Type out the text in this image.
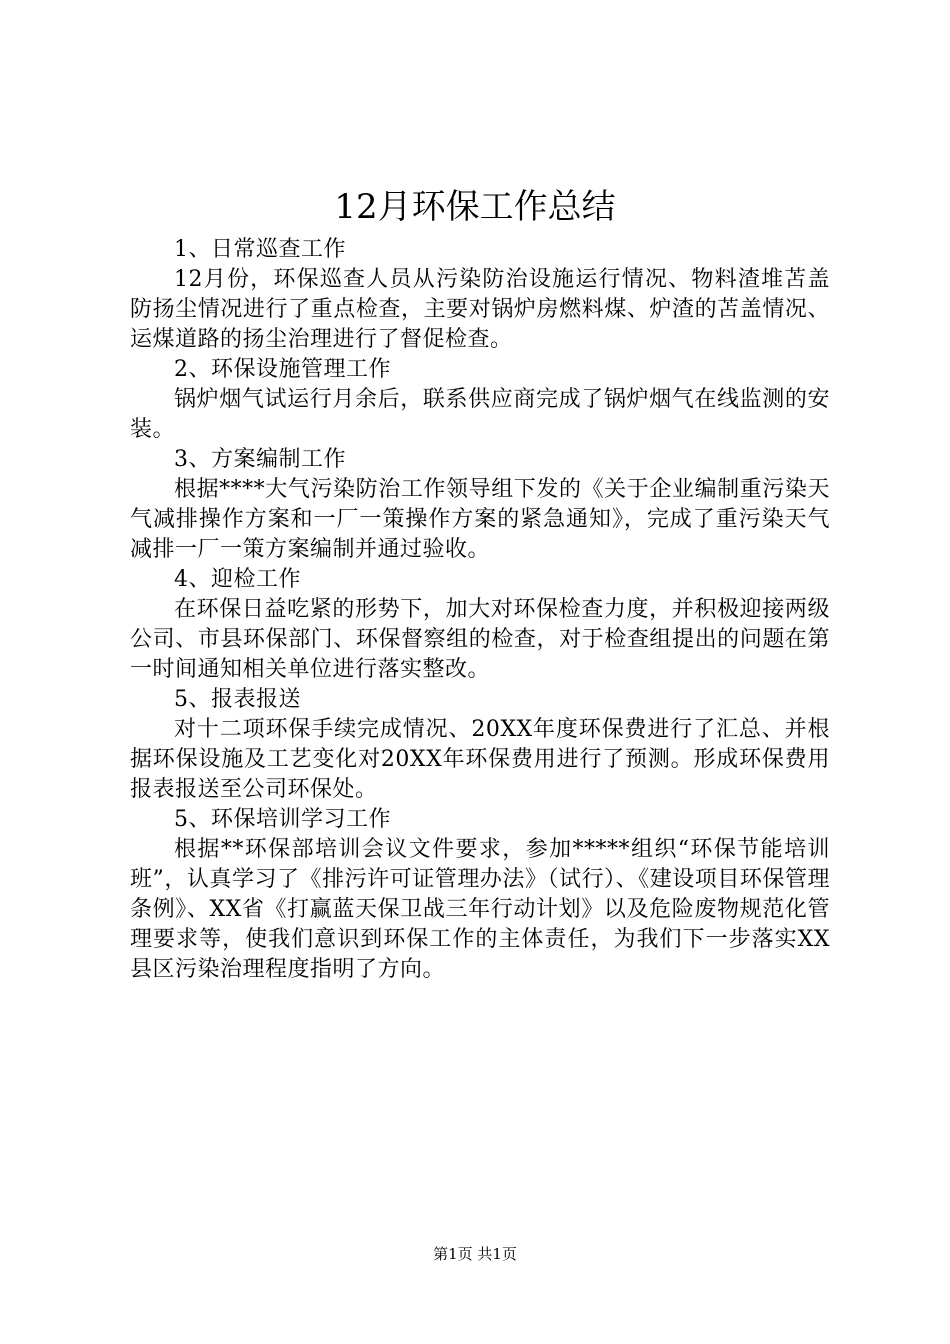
12月环保工作总结

1、日常巡查工作

12月份，环保巡查人员从污染防治设施运行情况、物料渣堆苫盖防扬尘情况进行了重点检查，主要对锅炉房燃料煤、炉渣的苫盖情况、运煤道路的扬尘治理进行了督促检查。

2、环保设施管理工作

锅炉烟气试运行月余后，联系供应商完成了锅炉烟气在线监测的安装。

3、方案编制工作

根据****大气污染防治工作领导组下发的《关于企业编制重污染天气减排操作方案和一厂一策操作方案的紧急通知》，完成了重污染天气减排一厂一策方案编制并通过验收。

4、迎检工作

在环保日益吃紧的形势下，加大对环保检查力度，并积极迎接两级公司、市县环保部门、环保督察组的检查，对于检查组提出的问题在第一时间通知相关单位进行落实整改。

5、报表报送

对十二项环保手续完成情况、20XX年度环保费进行了汇总、并根据环保设施及工艺变化对20XX年环保费用进行了预测。形成环保费用报表报送至公司环保处。

5、环保培训学习工作

根据**环保部培训会议文件要求，参加*****组织“环保节能培训班”，认真学习了《排污许可证管理办法》（试行）、《建设项目环保管理条例》、XX省《打赢蓝天保卫战三年行动计划》以及危险废物规范化管理要求等，使我们意识到环保工作的主体责任，为我们下一步落实XX县区污染治理程度指明了方向。

第1页 共1页
